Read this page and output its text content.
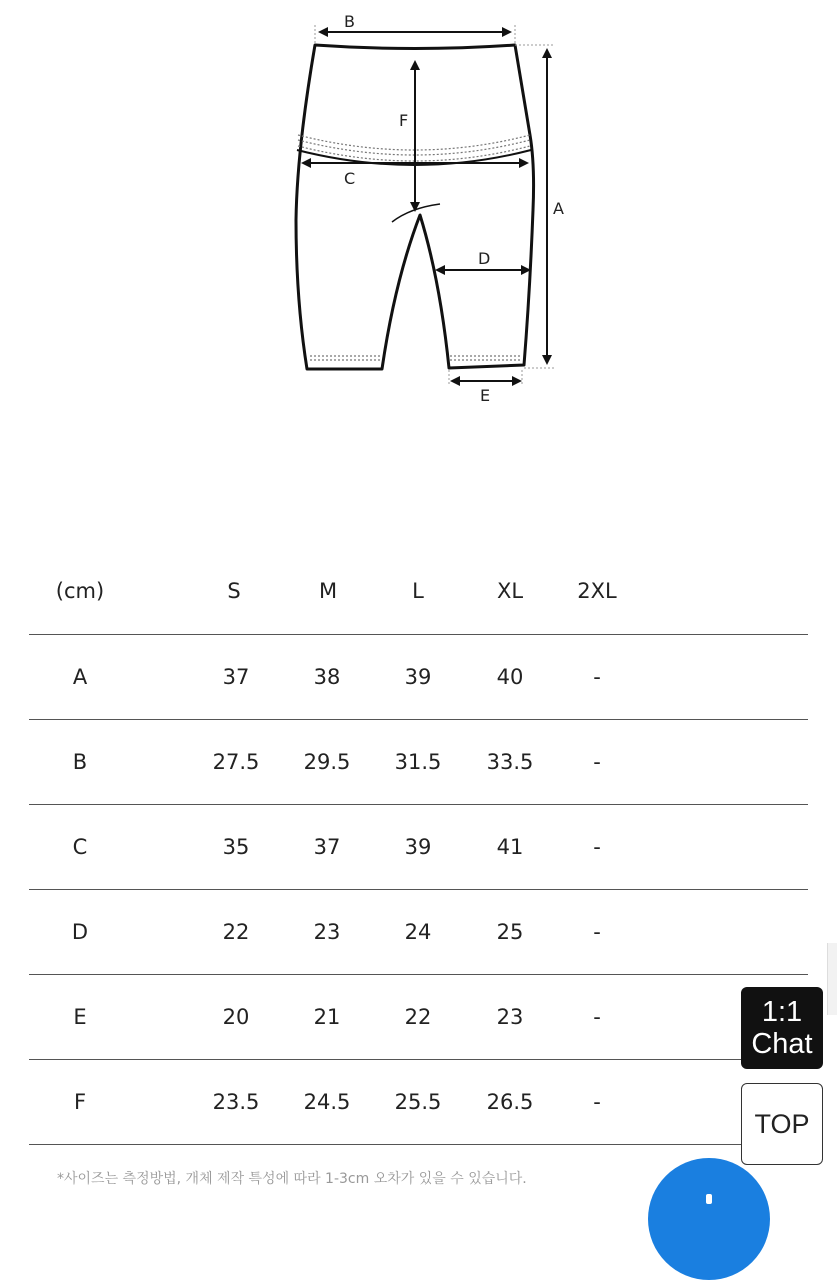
B
F
C
A
D
E
(cm)	S	M	L	XL	2XL
A	37	38	39	40	-
B	27.5 29.5 31.5 33.5	-
C	35	37	39	41	-
D	22	23	24	25	-
E	20	21	22	23	-
F	23.5 24.5 25.5 26.5	-
*사이즈는 측정방법, 개체 제작 특성에 따라 1-3cm 오차가 있을 수 있습니다.
1:1
Chat
TOP
